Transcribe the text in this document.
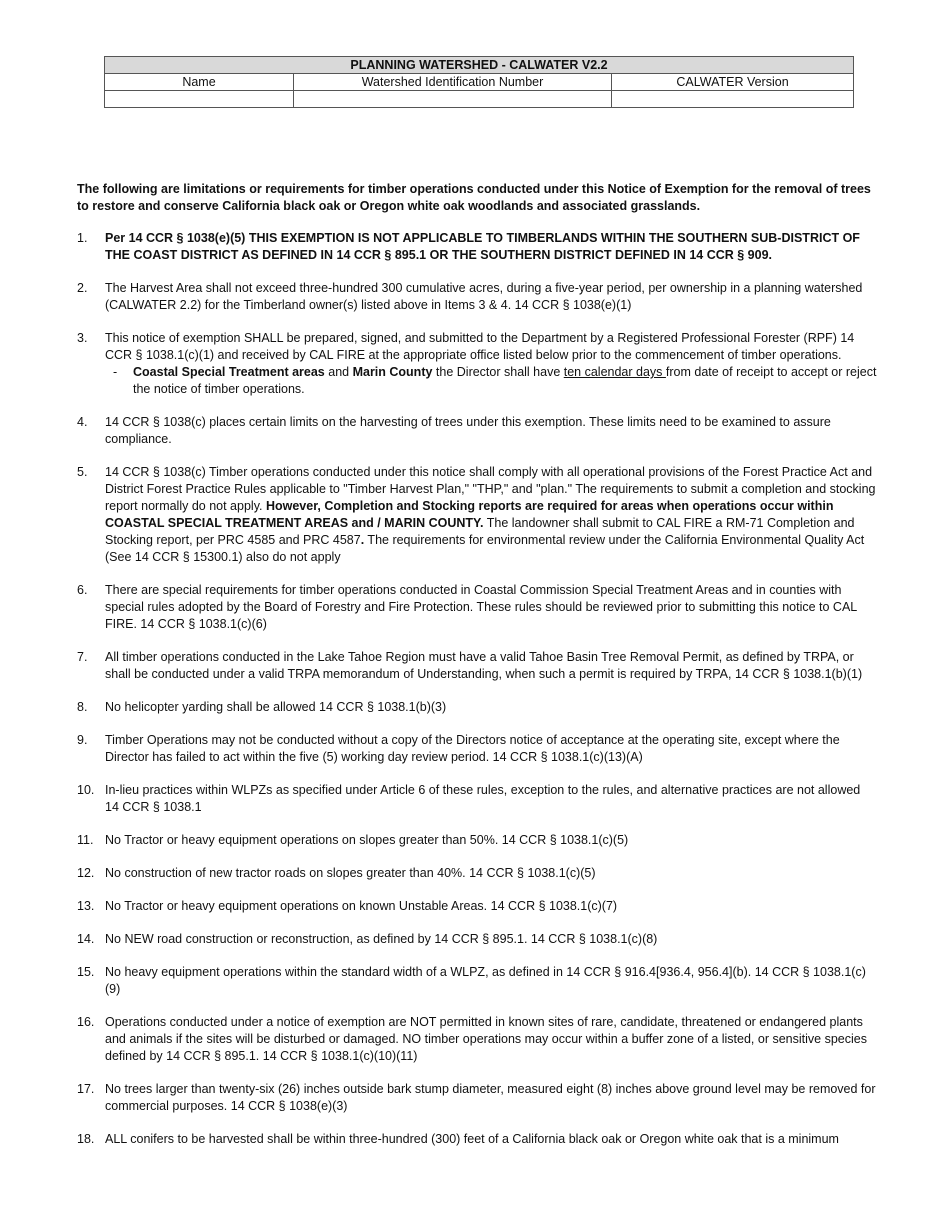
PLANNING WATERSHED - CALWATER V2.2		
Name	Watershed Identification Number	CALWATER Version

The following are limitations or requirements for timber operations conducted under this Notice of Exemption for the removal of trees to restore and conserve California black oak or Oregon white oak woodlands and associated grasslands.
1.	Per 14 CCR § 1038(e)(5) THIS EXEMPTION IS NOT APPLICABLE TO TIMBERLANDS WITHIN THE SOUTHERN SUB-DISTRICT OF THE COAST DISTRICT AS DEFINED IN 14 CCR § 895.1 OR THE SOUTHERN DISTRICT DEFINED IN 14 CCR § 909.
2.	The Harvest Area shall not exceed three-hundred 300 cumulative acres, during a five-year period, per ownership in a planning watershed (CALWATER 2.2) for the Timberland owner(s) listed above in Items 3 & 4. 14 CCR § 1038(e)(1)
3.	This notice of exemption SHALL be prepared, signed, and submitted to the Department by a Registered Professional Forester (RPF) 14 CCR § 1038.1(c)(1) and received by CAL FIRE at the appropriate office listed below prior to the commencement of timber operations.
- Coastal Special Treatment areas and Marin County the Director shall have ten calendar days from date of receipt to accept or reject the notice of timber operations.
4.	14 CCR § 1038(c) places certain limits on the harvesting of trees under this exemption. These limits need to be examined to assure compliance.
5.	14 CCR § 1038(c) Timber operations conducted under this notice shall comply with all operational provisions of the Forest Practice Act and District Forest Practice Rules applicable to "Timber Harvest Plan," "THP," and "plan." The requirements to submit a completion and stocking report normally do not apply. However, Completion and Stocking reports are required for areas when operations occur within COASTAL SPECIAL TREATMENT AREAS and / MARIN COUNTY. The landowner shall submit to CAL FIRE a RM-71 Completion and Stocking report, per PRC 4585 and PRC 4587. The requirements for environmental review under the California Environmental Quality Act (See 14 CCR § 15300.1) also do not apply
6.	There are special requirements for timber operations conducted in Coastal Commission Special Treatment Areas and in counties with special rules adopted by the Board of Forestry and Fire Protection. These rules should be reviewed prior to submitting this notice to CAL FIRE. 14 CCR § 1038.1(c)(6)
7.	All timber operations conducted in the Lake Tahoe Region must have a valid Tahoe Basin Tree Removal Permit, as defined by TRPA, or shall be conducted under a valid TRPA memorandum of Understanding, when such a permit is required by TRPA, 14 CCR § 1038.1(b)(1)
8.	No helicopter yarding shall be allowed 14 CCR § 1038.1(b)(3)
9.	Timber Operations may not be conducted without a copy of the Directors notice of acceptance at the operating site, except where the Director has failed to act within the five (5) working day review period. 14 CCR § 1038.1(c)(13)(A)
10. In-lieu practices within WLPZs as specified under Article 6 of these rules, exception to the rules, and alternative practices are not allowed 14 CCR § 1038.1
11. No Tractor or heavy equipment operations on slopes greater than 50%. 14 CCR § 1038.1(c)(5)
12. No construction of new tractor roads on slopes greater than 40%. 14 CCR § 1038.1(c)(5)
13. No Tractor or heavy equipment operations on known Unstable Areas. 14 CCR § 1038.1(c)(7)
14. No NEW road construction or reconstruction, as defined by 14 CCR § 895.1. 14 CCR § 1038.1(c)(8)
15. No heavy equipment operations within the standard width of a WLPZ, as defined in 14 CCR § 916.4[936.4, 956.4](b). 14 CCR § 1038.1(c)(9)
16. Operations conducted under a notice of exemption are NOT permitted in known sites of rare, candidate, threatened or endangered plants and animals if the sites will be disturbed or damaged. NO timber operations may occur within a buffer zone of a listed, or sensitive species defined by 14 CCR § 895.1. 14 CCR § 1038.1(c)(10)(11)
17. No trees larger than twenty-six (26) inches outside bark stump diameter, measured eight (8) inches above ground level may be removed for commercial purposes. 14 CCR § 1038(e)(3)
18. ALL conifers to be harvested shall be within three-hundred (300) feet of a California black oak or Oregon white oak that is a minimum
